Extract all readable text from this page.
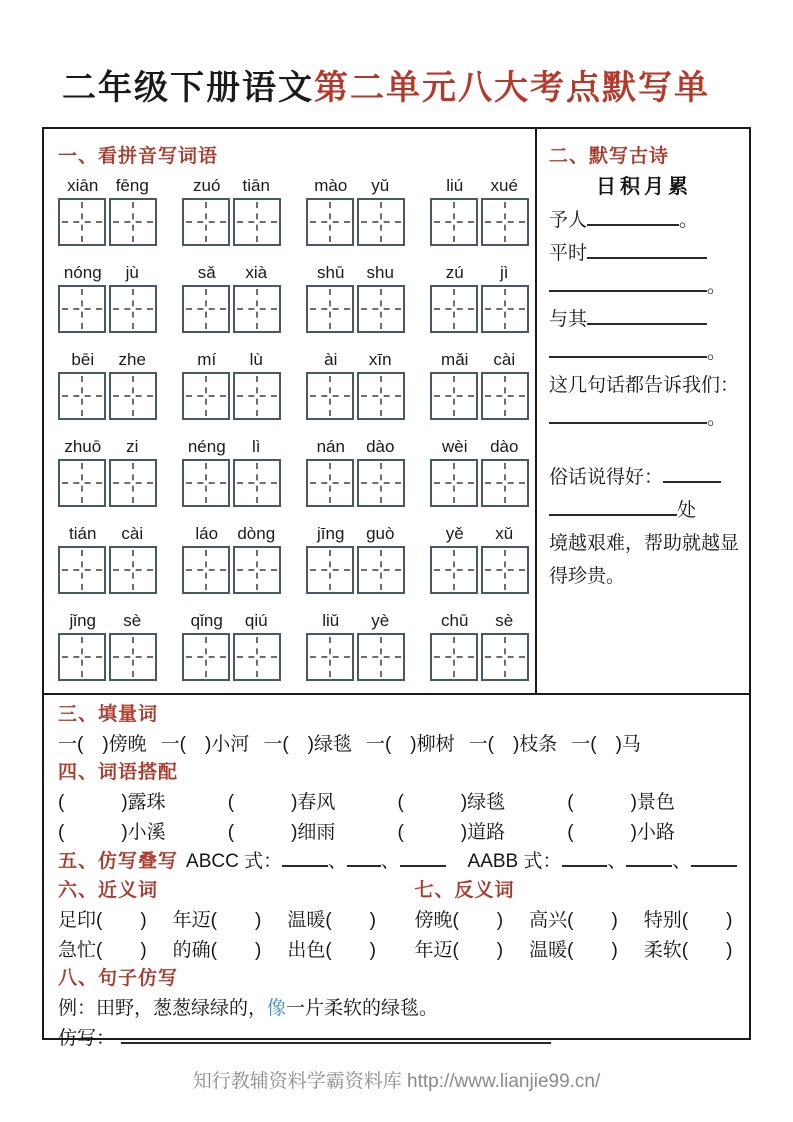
二年级下册语文第二单元八大考点默写单
一、看拼音写词语
xiān	fēng	zuó	tiān	mào	yǔ	liú	xué
nóng	jù	sǎ	xià	shū	shu	zú	jì
bēi	zhe	mí	lù	ài	xīn	mǎi	cài
zhuō	zi	néng	lì	nán	dào	wèi	dào
tián	cài	láo	dòng	jīng	guò	yě	xǔ
jǐng	sè	qǐng	qiú	liǔ	yè	chū	sè
二、默写古诗
日积月累
予人	。
平时
。
与其
。
这几句话都告诉我们：
。
俗话说得好：
处
境越艰难，帮助就越显
得珍贵。
三、填量词
一(　)傍晚 一(　)小河 一(　)绿毯 一(　)柳树 一(　)枝条 一(　)马
四、词语搭配
(　　　)露珠	(　　　)春风	(　　　)绿毯	(　　　)景色
(　　　)小溪	(　　　)细雨	(　　　)道路	(　　　)小路
五、仿写叠写 ABCC 式： 、 、	AABB 式： 、 、
六、近义词
足印(　　) 年迈(　　) 温暖(　　)
急忙(　　) 的确(　　) 出色(　　)
七、反义词
傍晚(　　) 高兴(　　) 特别(　　)
年迈(　　) 温暖(　　) 柔软(　　)
八、句子仿写
例：田野，葱葱绿绿的，像一片柔软的绿毯。
仿写：
知行教辅资料学霸资料库 http://www.lianjie99.cn/
